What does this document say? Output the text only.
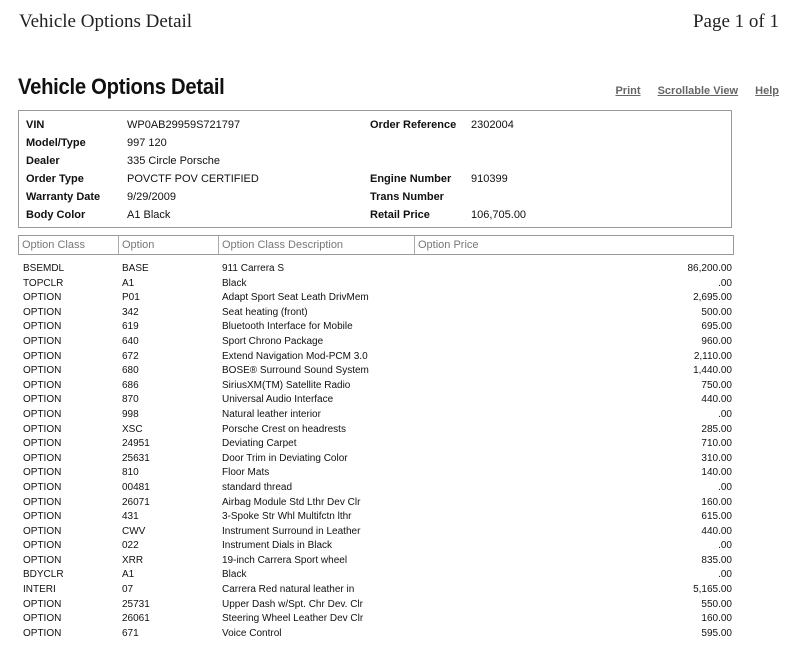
Vehicle Options Detail	Page 1 of 1
Vehicle Options Detail	Print Scrollable View Help
VIN	WP0AB29959S721797	Order Reference 2302004
Model/Type	997 120
Dealer	335 Circle Porsche
Order Type	POVCTF POV CERTIFIED	Engine Number 910399
Warranty Date 9/29/2009	Trans Number
Body Color	A1 Black	Retail Price	106,705.00
Option Class	Option	Option Class Description	Option Price
BSEMDL	BASE	911 Carrera S	86,200.00
TOPCLR	A1	Black	.00
OPTION	P01	Adapt Sport Seat Leath DrivMem	2,695.00
OPTION	342	Seat heating (front)	500.00
OPTION	619	Bluetooth Interface for Mobile	695.00
OPTION	640	Sport Chrono Package	960.00
OPTION	672	Extend Navigation Mod-PCM 3.0	2,110.00
OPTION	680	BOSE® Surround Sound System	1,440.00
OPTION	686	SiriusXM(TM) Satellite Radio	750.00
OPTION	870	Universal Audio Interface	440.00
OPTION	998	Natural leather interior	.00
OPTION	XSC	Porsche Crest on headrests	285.00
OPTION	24951	Deviating Carpet	710.00
OPTION	25631	Door Trim in Deviating Color	310.00
OPTION	810	Floor Mats	140.00
OPTION	00481	standard thread	.00
OPTION	26071	Airbag Module Std Lthr Dev Clr	160.00
OPTION	431	3-Spoke Str Whl Multifctn lthr	615.00
OPTION	CWV	Instrument Surround in Leather	440.00
OPTION	022	Instrument Dials in Black	.00
OPTION	XRR	19-inch Carrera Sport wheel	835.00
BDYCLR	A1	Black	.00
INTERI	07	Carrera Red natural leather in	5,165.00
OPTION	25731	Upper Dash w/Spt. Chr Dev. Clr	550.00
OPTION	26061	Steering Wheel Leather Dev Clr	160.00
OPTION	671	Voice Control	595.00
